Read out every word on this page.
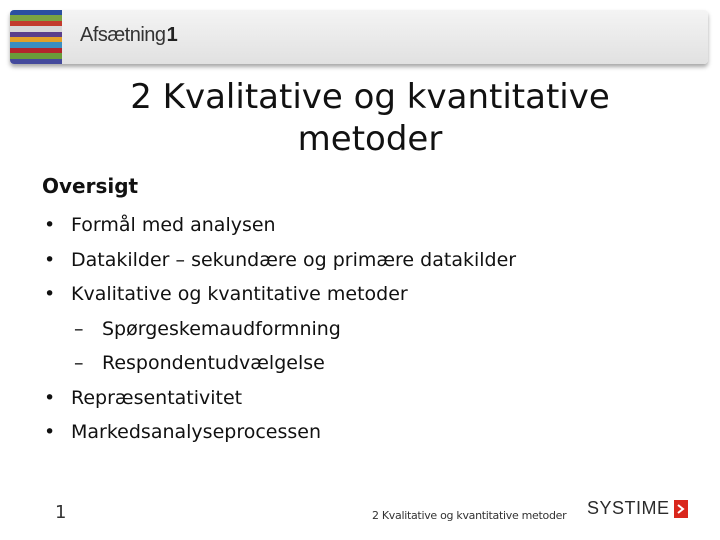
Afsætning1
2 Kvalitative og kvantitative metoder
Oversigt
• Formål med analysen
• Datakilder – sekundære og primære datakilder
• Kvalitative og kvantitative metoder
– Spørgeskemaudformning
– Respondentudvælgelse
• Repræsentativitet
• Markedsanalyseprocessen
1	2 Kvalitative og kvantitative metoder SYSTIME
